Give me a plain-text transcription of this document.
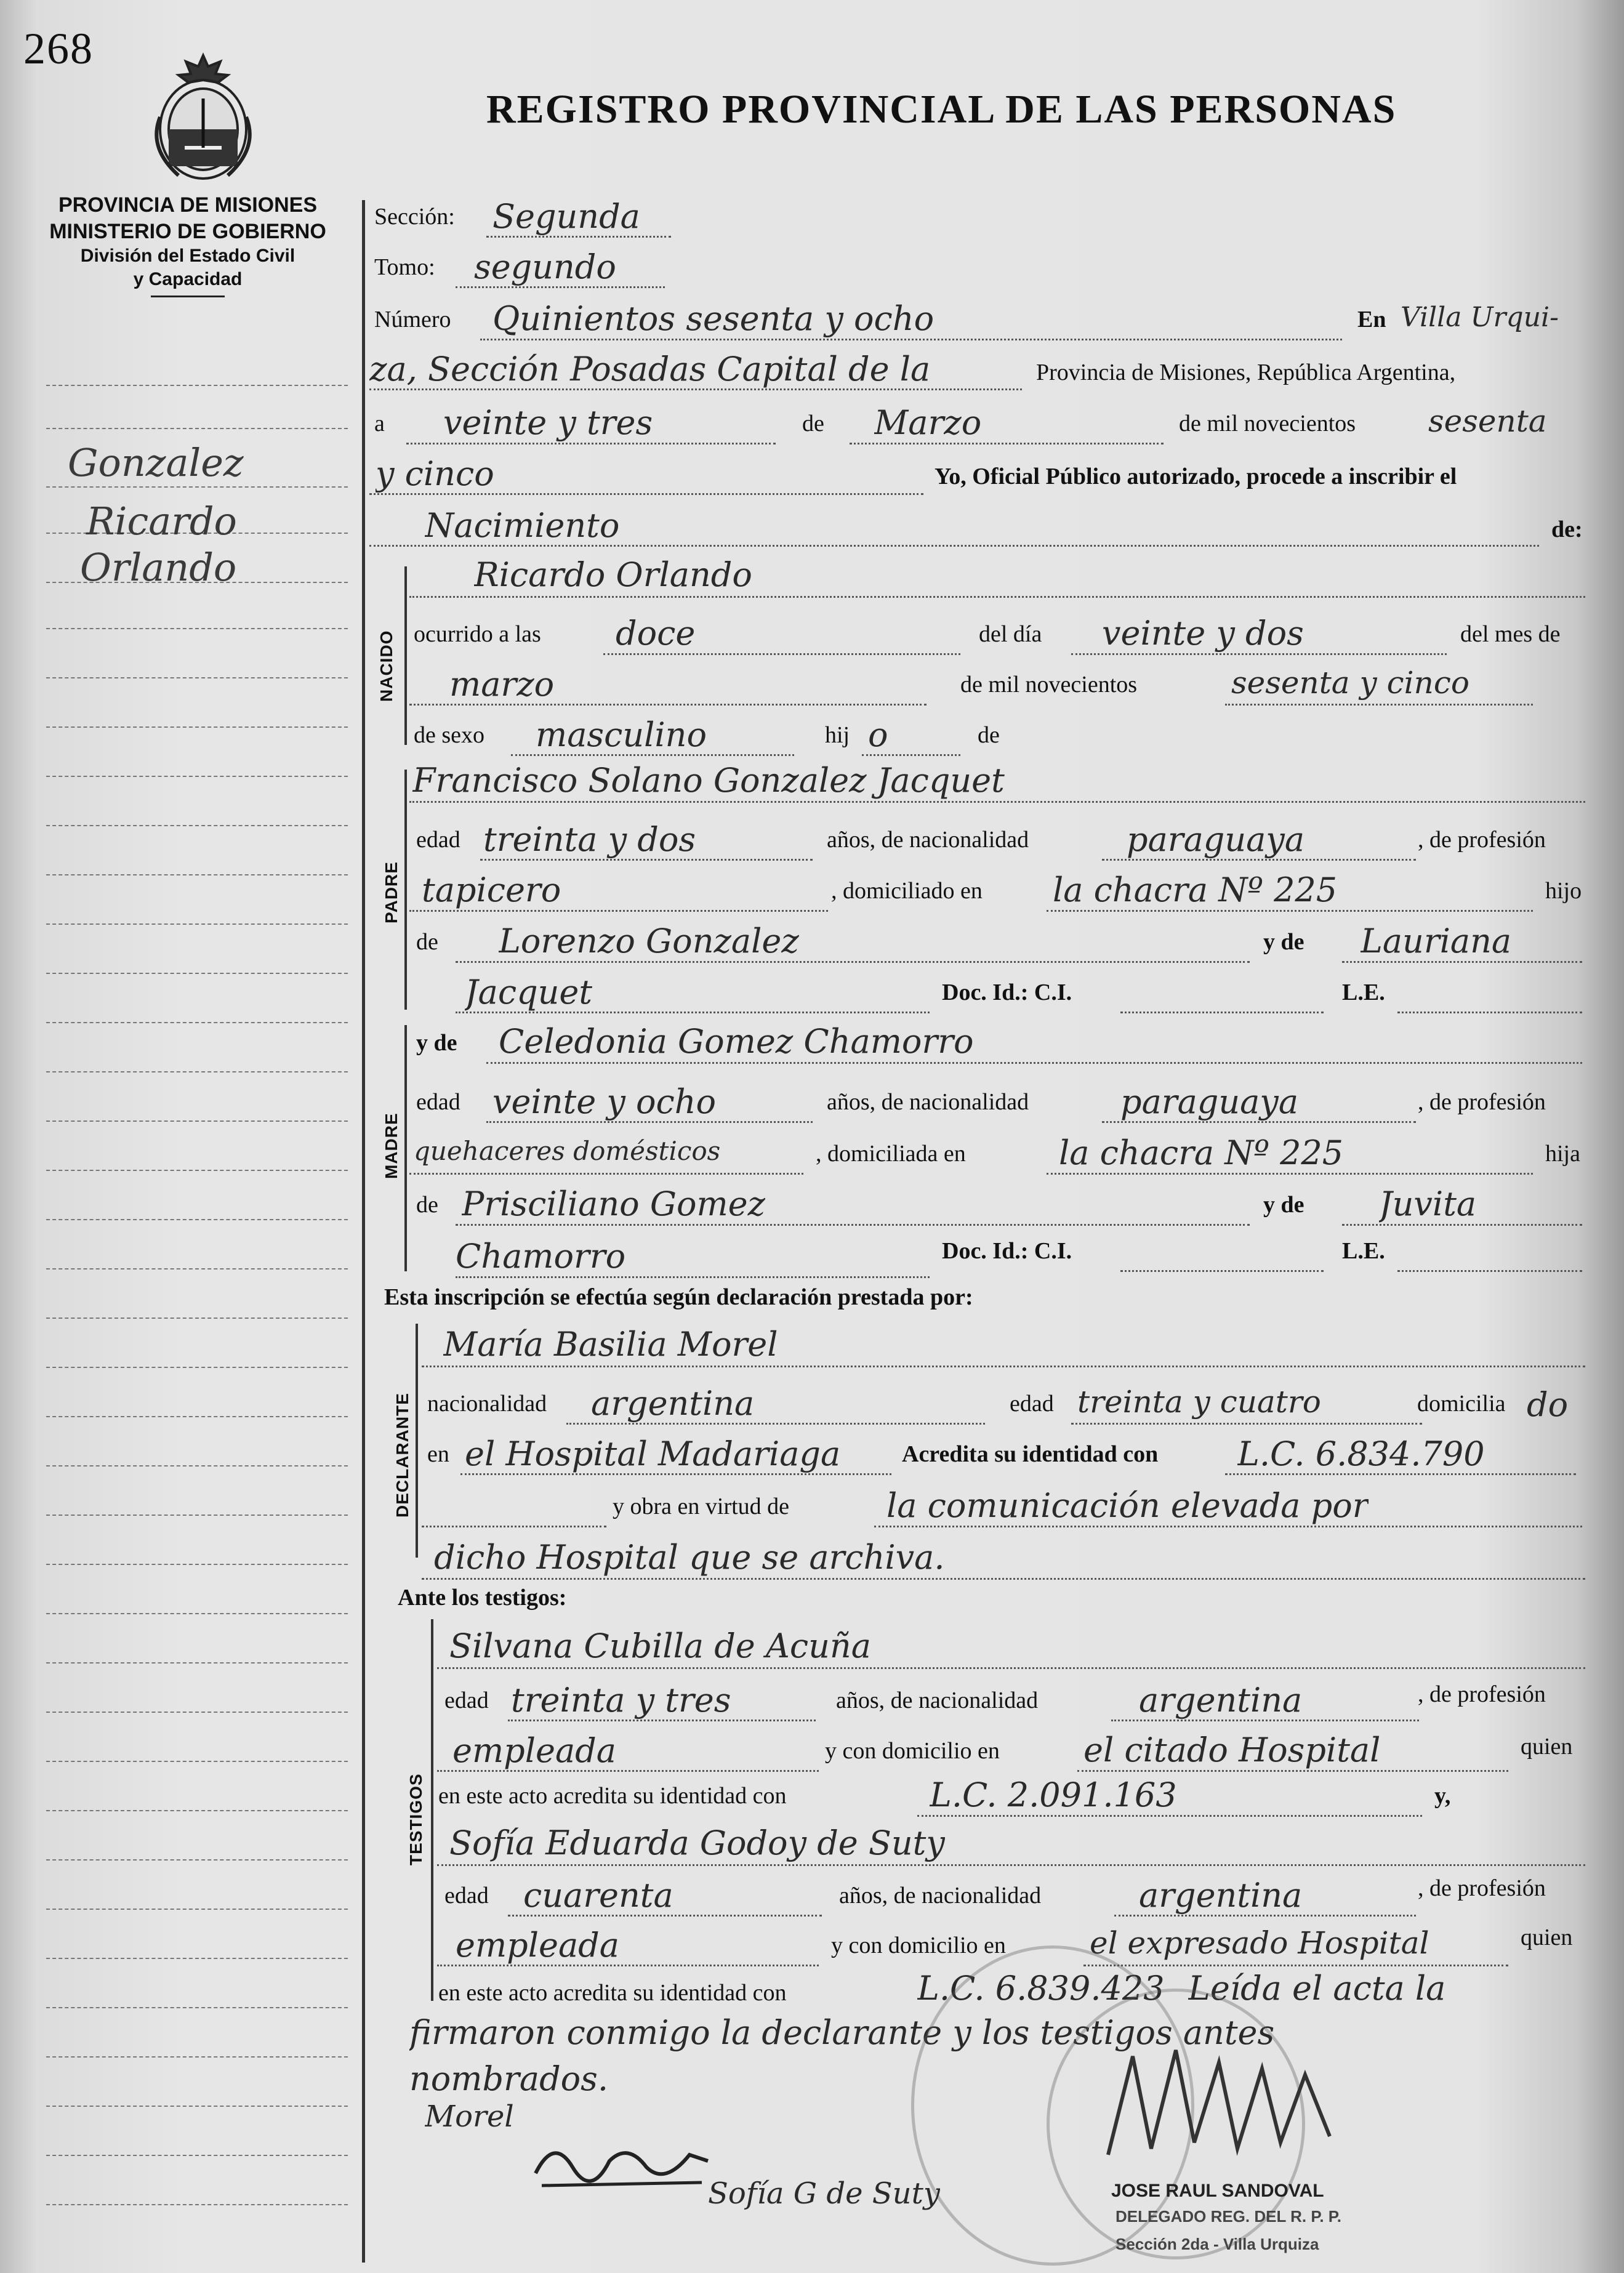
268
REGISTRO PROVINCIAL DE LAS PERSONAS
PROVINCIA DE MISIONES
MINISTERIO DE GOBIERNO
División del Estado Civil
y Capacidad
Gonzalez
Ricardo
Orlando
Sección: Segunda
Tomo: segundo
Número Quinientos sesenta y ocho	En Villa Urqui-
za, Sección Posadas Capital de la	Provincia de Misiones, República Argentina,
a veinte y tres	de Marzo	de mil novecientos sesenta
y cinco	Yo, Oficial Público autorizado, procede a inscribir el
Nacimiento	de:
NACIDO
Ricardo Orlando
ocurrido a las doce	del día veinte y dos	del mes de
marzo	de mil novecientos	sesenta y cinco
de sexo masculino	hij o	de
PADRE
Francisco Solano Gonzalez Jacquet
edad treinta y dos	años, de nacionalidad	paraguaya	, de profesión
tapicero	, domiciliado en la chacra Nº 225	hijo
de Lorenzo Gonzalez	y de Lauriana
Jacquet	Doc. Id.: C.I.	L.E.
MADRE
y de Celedonia Gomez Chamorro
edad veinte y ocho	años, de nacionalidad	paraguaya	, de profesión
quehaceres domésticos	, domiciliada en	la chacra Nº 225	hija
de Prisciliano Gomez	y de Juvita
Chamorro	Doc. Id.: C.I.	L.E.
Esta inscripción se efectúa según declaración prestada por:
DECLARANTE
María Basilia Morel
nacionalidad argentina	edad treinta y cuatro	domicilia do
en el Hospital Madariaga	Acredita su identidad con L.C. 6.834.790
y obra en virtud de	la comunicación elevada por
dicho Hospital que se archiva.
Ante los testigos:
TESTIGOS
Silvana Cubilla de Acuña
edad treinta y tres	años, de nacionalidad	argentina	, de profesión
empleada	y con domicilio en	el citado Hospital	quien
en este acto acredita su identidad con	L.C. 2.091.163	y,
Sofía Eduarda Godoy de Suty
edad cuarenta	años, de nacionalidad	argentina	, de profesión
empleada	y con domicilio en	el expresado Hospital	quien
en este acto acredita su identidad con	L.C. 6.839.423 Leída el acta la
firmaron conmigo la declarante y los testigos antes
nombrados.
Morel
Sofía G de Suty	JOSE RAUL SANDOVAL
DELEGADO REG. DEL R. P. P.
Sección 2da - Villa Urquiza
